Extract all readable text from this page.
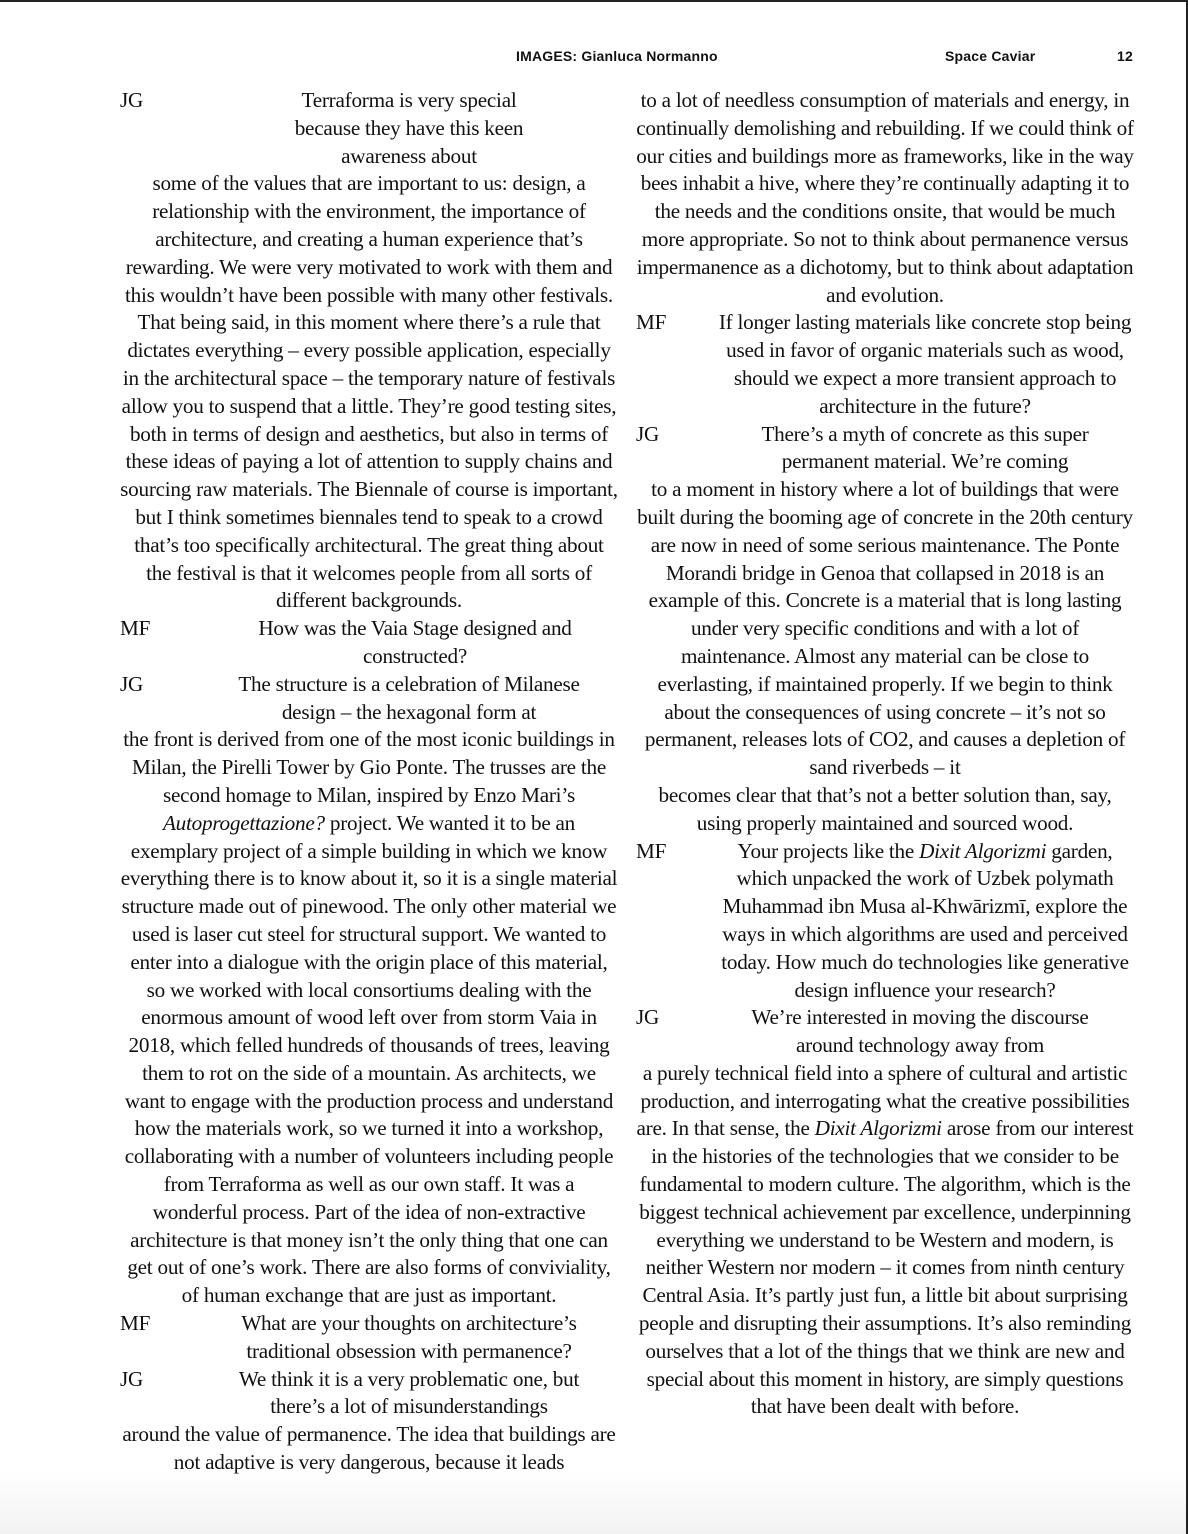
IMAGES: Gianluca Normanno	Space Caviar	12
JG	Terraforma is very special because they have this keen awareness about
some of the values that are important to us: design, a relationship with the environment, the importance of architecture, and creating a human experience that’s rewarding. We were very motivated to work with them and this wouldn’t have been possible with many other festivals. That being said, in this moment where there’s a rule that dictates everything – every possible application, especially in the architectural space – the temporary nature of festivals allow you to suspend that a little. They’re good testing sites, both in terms of design and aesthetics, but also in terms of these ideas of paying a lot of attention to supply chains and sourcing raw materials. The Biennale of course is important, but I think sometimes biennales tend to speak to a crowd that’s too specifically architectural. The great thing about the festival is that it welcomes people from all sorts of different backgrounds.
MF	How was the Vaia Stage designed and constructed?
JG	The structure is a celebration of Milanese design – the hexagonal form at
the front is derived from one of the most iconic buildings in Milan, the Pirelli Tower by Gio Ponte. The trusses are the second homage to Milan, inspired by Enzo Mari’s Autoprogettazione? project. We wanted it to be an exemplary project of a simple building in which we know everything there is to know about it, so it is a single material structure made out of pinewood. The only other material we used is laser cut steel for structural support. We wanted to enter into a dialogue with the origin place of this material, so we worked with local consortiums dealing with the enormous amount of wood left over from storm Vaia in 2018, which felled hundreds of thousands of trees, leaving them to rot on the side of a mountain. As architects, we want to engage with the production process and understand how the materials work, so we turned it into a workshop, collaborating with a number of volunteers including people from Terraforma as well as our own staff. It was a wonderful process. Part of the idea of non-extractive architecture is that money isn’t the only thing that one can get out of one’s work. There are also forms of conviviality, of human exchange that are just as important.
MF	What are your thoughts on architecture’s traditional obsession with permanence?
JG	We think it is a very problematic one, but there’s a lot of misunderstandings
around the value of permanence. The idea that buildings are not adaptive is very dangerous, because it leads
to a lot of needless consumption of materials and energy, in continually demolishing and rebuilding. If we could think of our cities and buildings more as frameworks, like in the way bees inhabit a hive, where they’re continually adapting it to the needs and the conditions onsite, that would be much more appropriate. So not to think about permanence versus impermanence as a dichotomy, but to think about adaptation and evolution.
MF	If longer lasting materials like concrete stop being used in favor of organic materials such as wood, should we expect a more transient approach to architecture in the future?
JG	There’s a myth of concrete as this super permanent material. We’re coming
to a moment in history where a lot of buildings that were built during the booming age of concrete in the 20th century are now in need of some serious maintenance. The Ponte Morandi bridge in Genoa that collapsed in 2018 is an example of this. Concrete is a material that is long lasting under very specific conditions and with a lot of maintenance. Almost any material can be close to everlasting, if maintained properly. If we begin to think about the consequences of using concrete – it’s not so permanent, releases lots of CO2, and causes a depletion of sand riverbeds – it
becomes clear that that’s not a better solution than, say, using properly maintained and sourced wood.
MF	Your projects like the Dixit Algorizmi garden, which unpacked the work of Uzbek polymath Muhammad ibn Musa al-Khwārizmī, explore the ways in which algorithms are used and perceived today. How much do technologies like generative design influence your research?
JG	We’re interested in moving the discourse around technology away from
a purely technical field into a sphere of cultural and artistic production, and interrogating what the creative possibilities are. In that sense, the Dixit Algorizmi arose from our interest in the histories of the technologies that we consider to be fundamental to modern culture. The algorithm, which is the biggest technical achievement par excellence, underpinning everything we understand to be Western and modern, is neither Western nor modern – it comes from ninth century Central Asia. It’s partly just fun, a little bit about surprising people and disrupting their assumptions. It’s also reminding ourselves that a lot of the things that we think are new and special about this moment in history, are simply questions that have been dealt with before.
